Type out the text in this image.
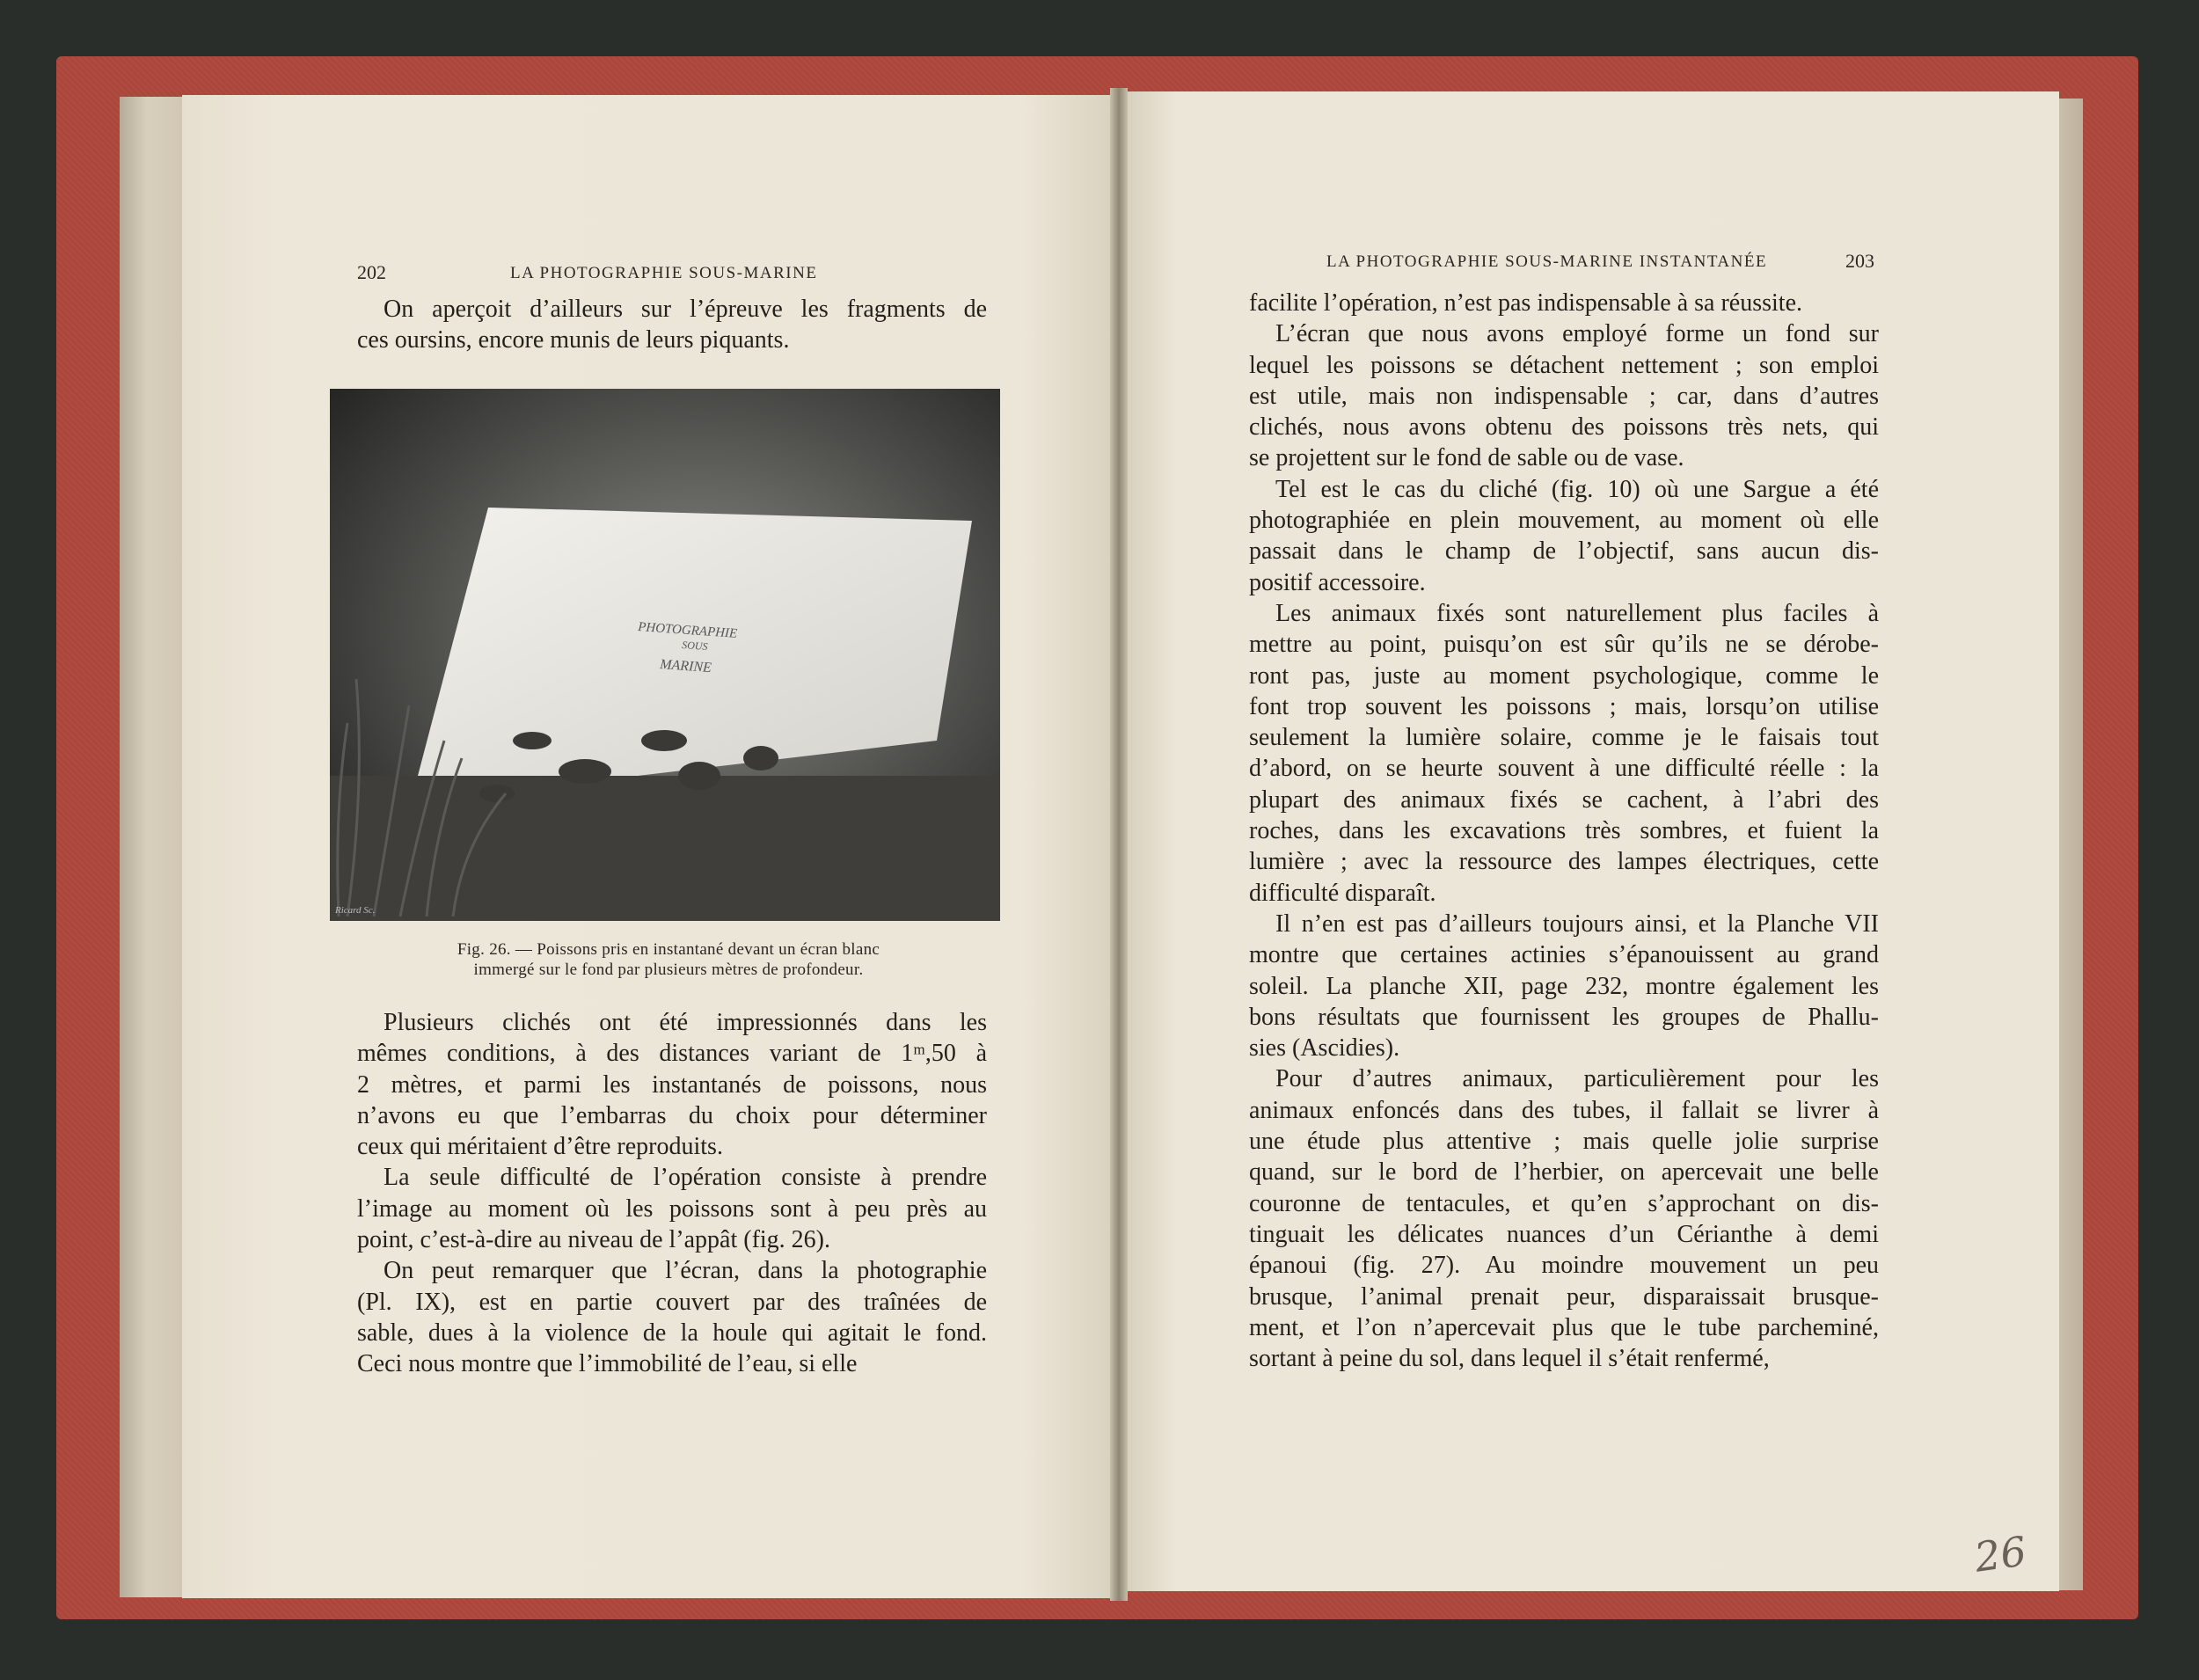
202	LA PHOTOGRAPHIE SOUS-MARINE
On aperçoit d’ailleurs sur l’épreuve les fragments de
ces oursins, encore munis de leurs piquants.
PHOTOGRAPHIE
SOUS
MARINE
Ricard Sc.
Fig. 26. — Poissons pris en instantané devant un écran blanc
immergé sur le fond par plusieurs mètres de profondeur.
Plusieurs clichés ont été impressionnés dans les
mêmes conditions, à des distances variant de 1ᵐ,50 à
2 mètres, et parmi les instantanés de poissons, nous
n’avons eu que l’embarras du choix pour déterminer
ceux qui méritaient d’être reproduits.
La seule difficulté de l’opération consiste à prendre
l’image au moment où les poissons sont à peu près au
point, c’est-à-dire au niveau de l’appât (fig. 26).
On peut remarquer que l’écran, dans la photographie
(Pl. IX), est en partie couvert par des traînées de
sable, dues à la violence de la houle qui agitait le fond.
Ceci nous montre que l’immobilité de l’eau, si elle
LA PHOTOGRAPHIE SOUS-MARINE INSTANTANÉE	203
facilite l’opération, n’est pas indispensable à sa réussite.
L’écran que nous avons employé forme un fond sur
lequel les poissons se détachent nettement ; son emploi
est utile, mais non indispensable ; car, dans d’autres
clichés, nous avons obtenu des poissons très nets, qui
se projettent sur le fond de sable ou de vase.
Tel est le cas du cliché (fig. 10) où une Sargue a été
photographiée en plein mouvement, au moment où elle
passait dans le champ de l’objectif, sans aucun dis-
positif accessoire.
Les animaux fixés sont naturellement plus faciles à
mettre au point, puisqu’on est sûr qu’ils ne se dérobe-
ront pas, juste au moment psychologique, comme le
font trop souvent les poissons ; mais, lorsqu’on utilise
seulement la lumière solaire, comme je le faisais tout
d’abord, on se heurte souvent à une difficulté réelle : la
plupart des animaux fixés se cachent, à l’abri des
roches, dans les excavations très sombres, et fuient la
lumière ; avec la ressource des lampes électriques, cette
difficulté disparaît.
Il n’en est pas d’ailleurs toujours ainsi, et la Planche VII
montre que certaines actinies s’épanouissent au grand
soleil. La planche XII, page 232, montre également les
bons résultats que fournissent les groupes de Phallu-
sies (Ascidies).
Pour d’autres animaux, particulièrement pour les
animaux enfoncés dans des tubes, il fallait se livrer à
une étude plus attentive ; mais quelle jolie surprise
quand, sur le bord de l’herbier, on apercevait une belle
couronne de tentacules, et qu’en s’approchant on dis-
tinguait les délicates nuances d’un Cérianthe à demi
épanoui (fig. 27). Au moindre mouvement un peu
brusque, l’animal prenait peur, disparaissait brusque-
ment, et l’on n’apercevait plus que le tube parcheminé,
sortant à peine du sol, dans lequel il s’était renfermé,
26
